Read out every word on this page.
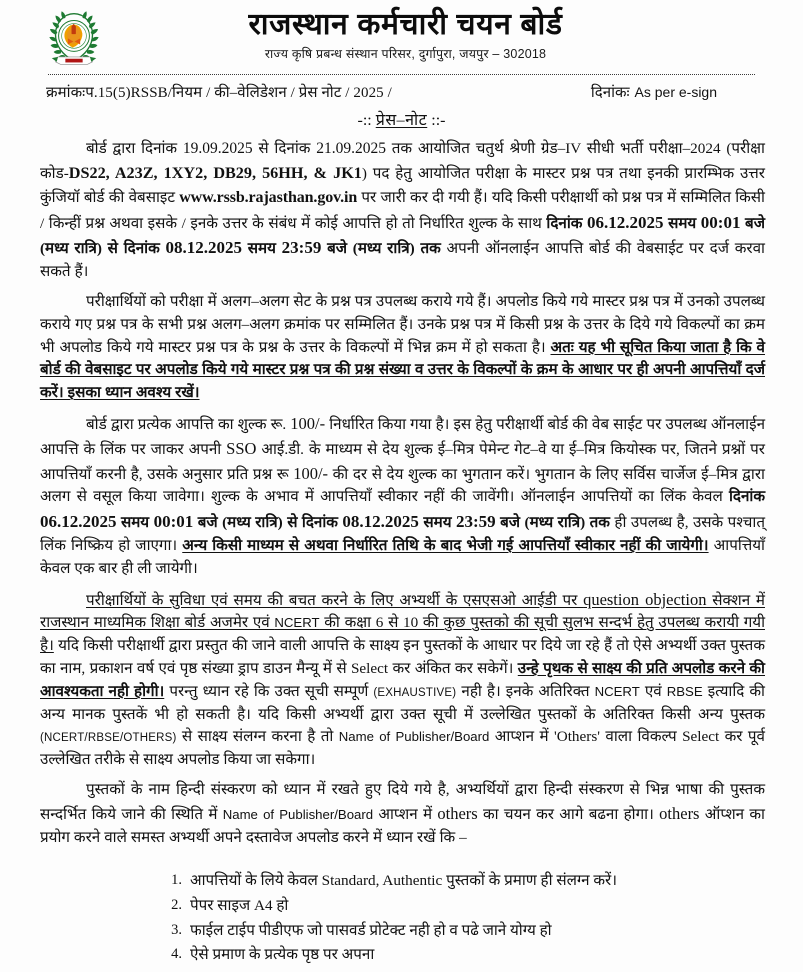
राजस्थान कर्मचारी चयन बोर्ड
राज्य कृषि प्रबन्ध संस्थान परिसर, दुर्गापुरा, जयपुर – 302018
क्रमांकःप.15(5)RSSB/नियम / की–वेलिडेशन / प्रेस नोट / 2025 /	दिनांकः As per e-sign
-:: प्रेस–नोट ::-

बोर्ड द्वारा दिनांक 19.09.2025 से दिनांक 21.09.2025 तक आयोजित चतुर्थ श्रेणी ग्रेड–IV सीधी भर्ती परीक्षा–2024 (परीक्षा कोड-DS22, A23Z, 1XY2, DB29, 56HH, & JK1) पद हेतु आयोजित परीक्षा के मास्टर प्रश्न पत्र तथा इनकी प्रारम्भिक उत्तर कुंजियॉ बोर्ड की वेबसाइट www.rssb.rajasthan.gov.in पर जारी कर दी गयी हैं। यदि किसी परीक्षार्थी को प्रश्न पत्र में सम्मिलित किसी / किन्हीं प्रश्न अथवा इसके / इनके उत्तर के संबंध में कोई आपत्ति हो तो निर्धारित शुल्क के साथ दिनांक 06.12.2025 समय 00:01 बजे (मध्य रात्रि) से दिनांक 08.12.2025 समय 23:59 बजे (मध्य रात्रि) तक अपनी ऑनलाईन आपत्ति बोर्ड की वेबसाईट पर दर्ज करवा सकते हैं।

परीक्षार्थियों को परीक्षा में अलग–अलग सेट के प्रश्न पत्र उपलब्ध कराये गये हैं। अपलोड किये गये मास्टर प्रश्न पत्र में उनको उपलब्ध कराये गए प्रश्न पत्र के सभी प्रश्न अलग–अलग क्रमांक पर सम्मिलित हैं। उनके प्रश्न पत्र में किसी प्रश्न के उत्तर के दिये गये विकल्पों का क्रम भी अपलोड किये गये मास्टर प्रश्न पत्र के प्रश्न के उत्तर के विकल्पों में भिन्न क्रम में हो सकता है। अतः यह भी सूचित किया जाता है कि वे बोर्ड की वेबसाइट पर अपलोड किये गये मास्टर प्रश्न पत्र की प्रश्न संख्या व उत्तर के विकल्पों के क्रम के आधार पर ही अपनी आपत्तियाँ दर्ज करें। इसका ध्यान अवश्य रखें।

बोर्ड द्वारा प्रत्येक आपत्ति का शुल्क रू. 100/- निर्धारित किया गया है। इस हेतु परीक्षार्थी बोर्ड की वेब साईट पर उपलब्ध ऑनलाईन आपत्ति के लिंक पर जाकर अपनी SSO आई.डी. के माध्यम से देय शुल्क ई–मित्र पेमेन्ट गेट–वे या ई–मित्र कियोस्क पर, जितने प्रश्नों पर आपत्तियाँ करनी है, उसके अनुसार प्रति प्रश्न रू 100/- की दर से देय शुल्क का भुगतान करें। भुगतान के लिए सर्विस चार्जेज ई–मित्र द्वारा अलग से वसूल किया जावेगा। शुल्क के अभाव में आपत्तियाँ स्वीकार नहीं की जावेंगी। ऑनलाईन आपत्तियों का लिंक केवल दिनांक 06.12.2025 समय 00:01 बजे (मध्य रात्रि) से दिनांक 08.12.2025 समय 23:59 बजे (मध्य रात्रि) तक ही उपलब्ध है, उसके पश्चात् लिंक निष्क्रिय हो जाएगा। अन्य किसी माध्यम से अथवा निर्धारित तिथि के बाद भेजी गई आपत्तियाँ स्वीकार नहीं की जायेगी। आपत्तियाँ केवल एक बार ही ली जायेगी।

परीक्षार्थियों के सुविधा एवं समय की बचत करने के लिए अभ्यर्थी के एसएसओ आईडी पर question objection सेक्शन में राजस्थान माध्यमिक शिक्षा बोर्ड अजमेर एवं NCERT की कक्षा 6 से 10 की कुछ पुस्तको की सूची सुलभ सन्दर्भ हेतु उपलब्ध करायी गयी है। यदि किसी परीक्षार्थी द्वारा प्रस्तुत की जाने वाली आपत्ति के साक्ष्य इन पुस्तकों के आधार पर दिये जा रहे हैं तो ऐसे अभ्यर्थी उक्त पुस्तक का नाम, प्रकाशन वर्ष एवं पृष्ठ संख्या ड्राप डाउन मैन्यू में से Select कर अंकित कर सकेगें। उन्हे पृथक से साक्ष्य की प्रति अपलोड करने की आवश्यकता नही होगी। परन्तु ध्यान रहे कि उक्त सूची सम्पूर्ण (EXHAUSTIVE) नही है। इनके अतिरिक्त NCERT एवं RBSE इत्यादि की अन्य मानक पुस्तकें भी हो सकती है। यदि किसी अभ्यर्थी द्वारा उक्त सूची में उल्लेखित पुस्तकों के अतिरिक्त किसी अन्य पुस्तक (NCERT/RBSE/OTHERS) से साक्ष्य संलग्न करना है तो Name of Publisher/Board आप्शन में 'Others' वाला विकल्प Select कर पूर्व उल्लेखित तरीके से साक्ष्य अपलोड किया जा सकेगा।

पुस्तकों के नाम हिन्दी संस्करण को ध्यान में रखते हुए दिये गये है, अभ्यर्थियों द्वारा हिन्दी संस्करण से भिन्न भाषा की पुस्तक सन्दर्भित किये जाने की स्थिति में Name of Publisher/Board आप्शन में others का चयन कर आगे बढना होगा। others ऑप्शन का प्रयोग करने वाले समस्त अभ्यर्थी अपने दस्तावेज अपलोड करने में ध्यान रखें कि –

1. आपत्तियों के लिये केवल Standard, Authentic पुस्तकों के प्रमाण ही संलग्न करें।
2. पेपर साइज A4 हो
3. फाईल टाईप पीडीएफ जो पासवर्ड प्रोटेक्ट नही हो व पढे जाने योग्य हो
4. ऐसे प्रमाण के प्रत्येक पृष्ठ पर अपना
